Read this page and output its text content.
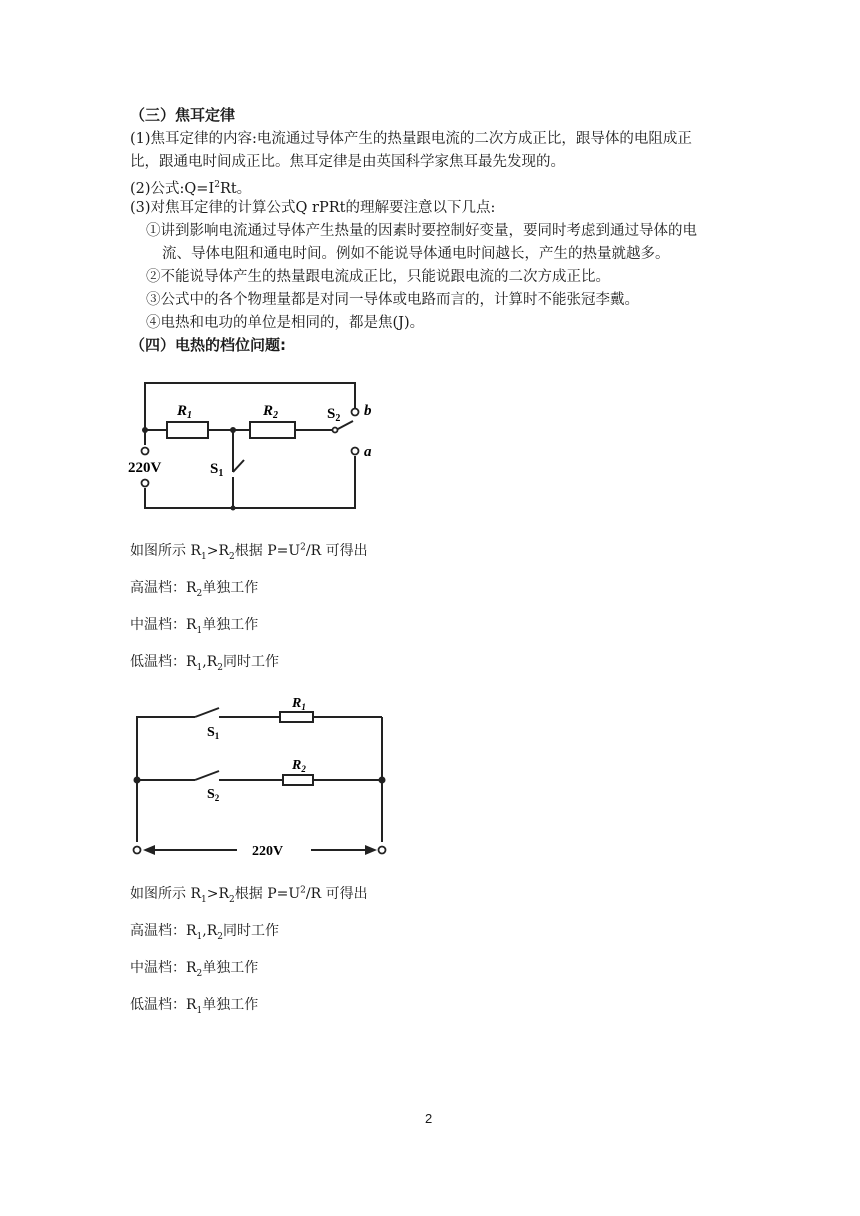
（三）焦耳定律
(1)焦耳定律的内容:电流通过导体产生的热量跟电流的二次方成正比，跟导体的电阻成正
比，跟通电时间成正比。焦耳定律是由英国科学家焦耳最先发现的。
(2)公式$:Q=I^2Rt$。
(3)对焦耳定律的计算公式Q rPRt的理解要注意以下几点:
①讲到影响电流通过导体产生热量的因素时要控制好变量，要同时考虑到通过导体的电
流、导体电阻和通电时间。例如不能说导体通电时间越长，产生的热量就越多。
②不能说导体产生的热量跟电流成正比，只能说跟电流的二次方成正比。
③公式中的各个物理量都是对同一导体或电路而言的，计算时不能张冠李戴。
④电热和电功的单位是相同的，都是焦(J)。
（四）电热的档位问题:
$R_1$	$R_2$	$S_2$ b
a
$S_1$
220V
如图所示 $R_1>R_2$根据 $P=U^2/R$ 可得出
高温档：$R_2$单独工作
中温档：$R_1$单独工作
低温档：$R_1,R_2$同时工作
$S_1$
$R_1$
$S_2$
$R_2$
220V
如图所示 $R_1>R_2$根据 $P=U^2/R$ 可得出
高温档：$R_1,R_2$同时工作
中温档：$R_2$单独工作
低温档：$R_1$单独工作
2
